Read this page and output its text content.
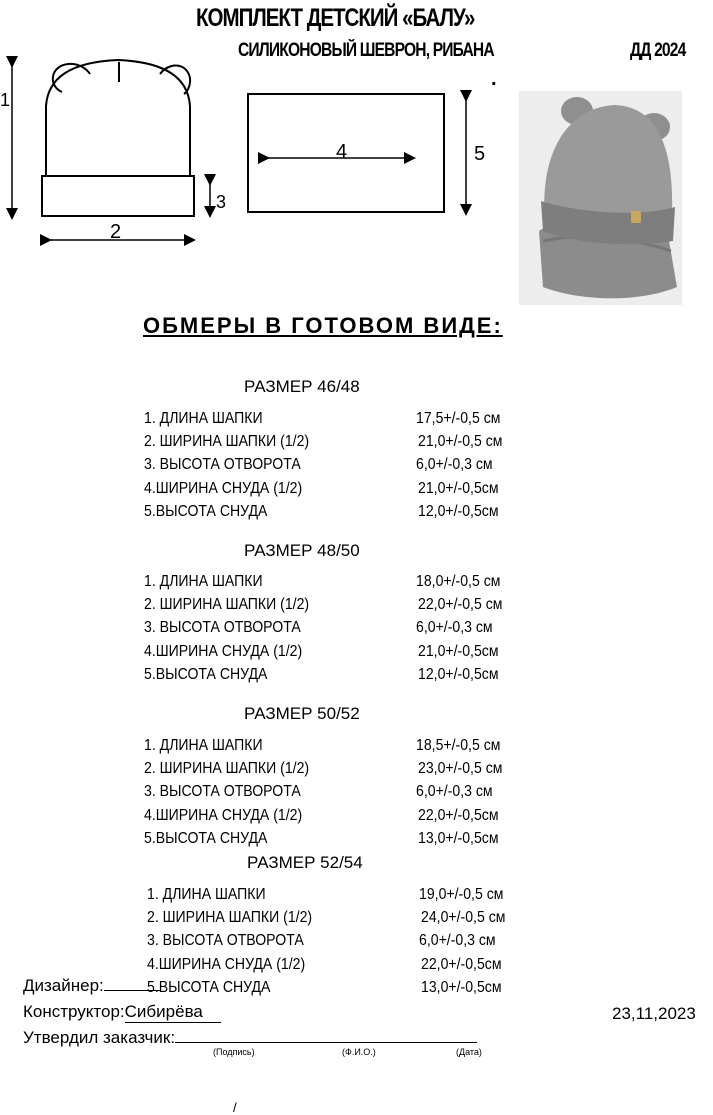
КОМПЛЕКТ ДЕТСКИЙ «БАЛУ»
СИЛИКОНОВЫЙ ШЕВРОН, РИБАНА	ДД 2024
.
1
2
3
4	5
ОБМЕРЫ В ГОТОВОМ ВИДЕ:
РАЗМЕР 46/48
1. ДЛИНА ШАПКИ	17,5+/-0,5 см
2. ШИРИНА ШАПКИ (1/2)	21,0+/-0,5 см
3. ВЫСОТА ОТВОРОТА	6,0+/-0,3 см
4.ШИРИНА СНУДА (1/2)	21,0+/-0,5см
5.ВЫСОТА СНУДА	12,0+/-0,5см
РАЗМЕР 48/50
1. ДЛИНА ШАПКИ	18,0+/-0,5 см
2. ШИРИНА ШАПКИ (1/2)	22,0+/-0,5 см
3. ВЫСОТА ОТВОРОТА	6,0+/-0,3 см
4.ШИРИНА СНУДА (1/2)	21,0+/-0,5см
5.ВЫСОТА СНУДА	12,0+/-0,5см
РАЗМЕР 50/52
1. ДЛИНА ШАПКИ	18,5+/-0,5 см
2. ШИРИНА ШАПКИ (1/2)	23,0+/-0,5 см
3. ВЫСОТА ОТВОРОТА	6,0+/-0,3 см
4.ШИРИНА СНУДА (1/2)	22,0+/-0,5см
5.ВЫСОТА СНУДА	13,0+/-0,5см
РАЗМЕР 52/54
1. ДЛИНА ШАПКИ	19,0+/-0,5 см
2. ШИРИНА ШАПКИ (1/2)	24,0+/-0,5 см
3. ВЫСОТА ОТВОРОТА	6,0+/-0,3 см
4.ШИРИНА СНУДА (1/2)	22,0+/-0,5см
5.ВЫСОТА СНУДА	13,0+/-0,5см
Дизайнер:
Конструктор:Сибирёва	23,11,2023
Утвердил заказчик:
(Подпись)	(Ф.И.О.)	(Дата)
/
